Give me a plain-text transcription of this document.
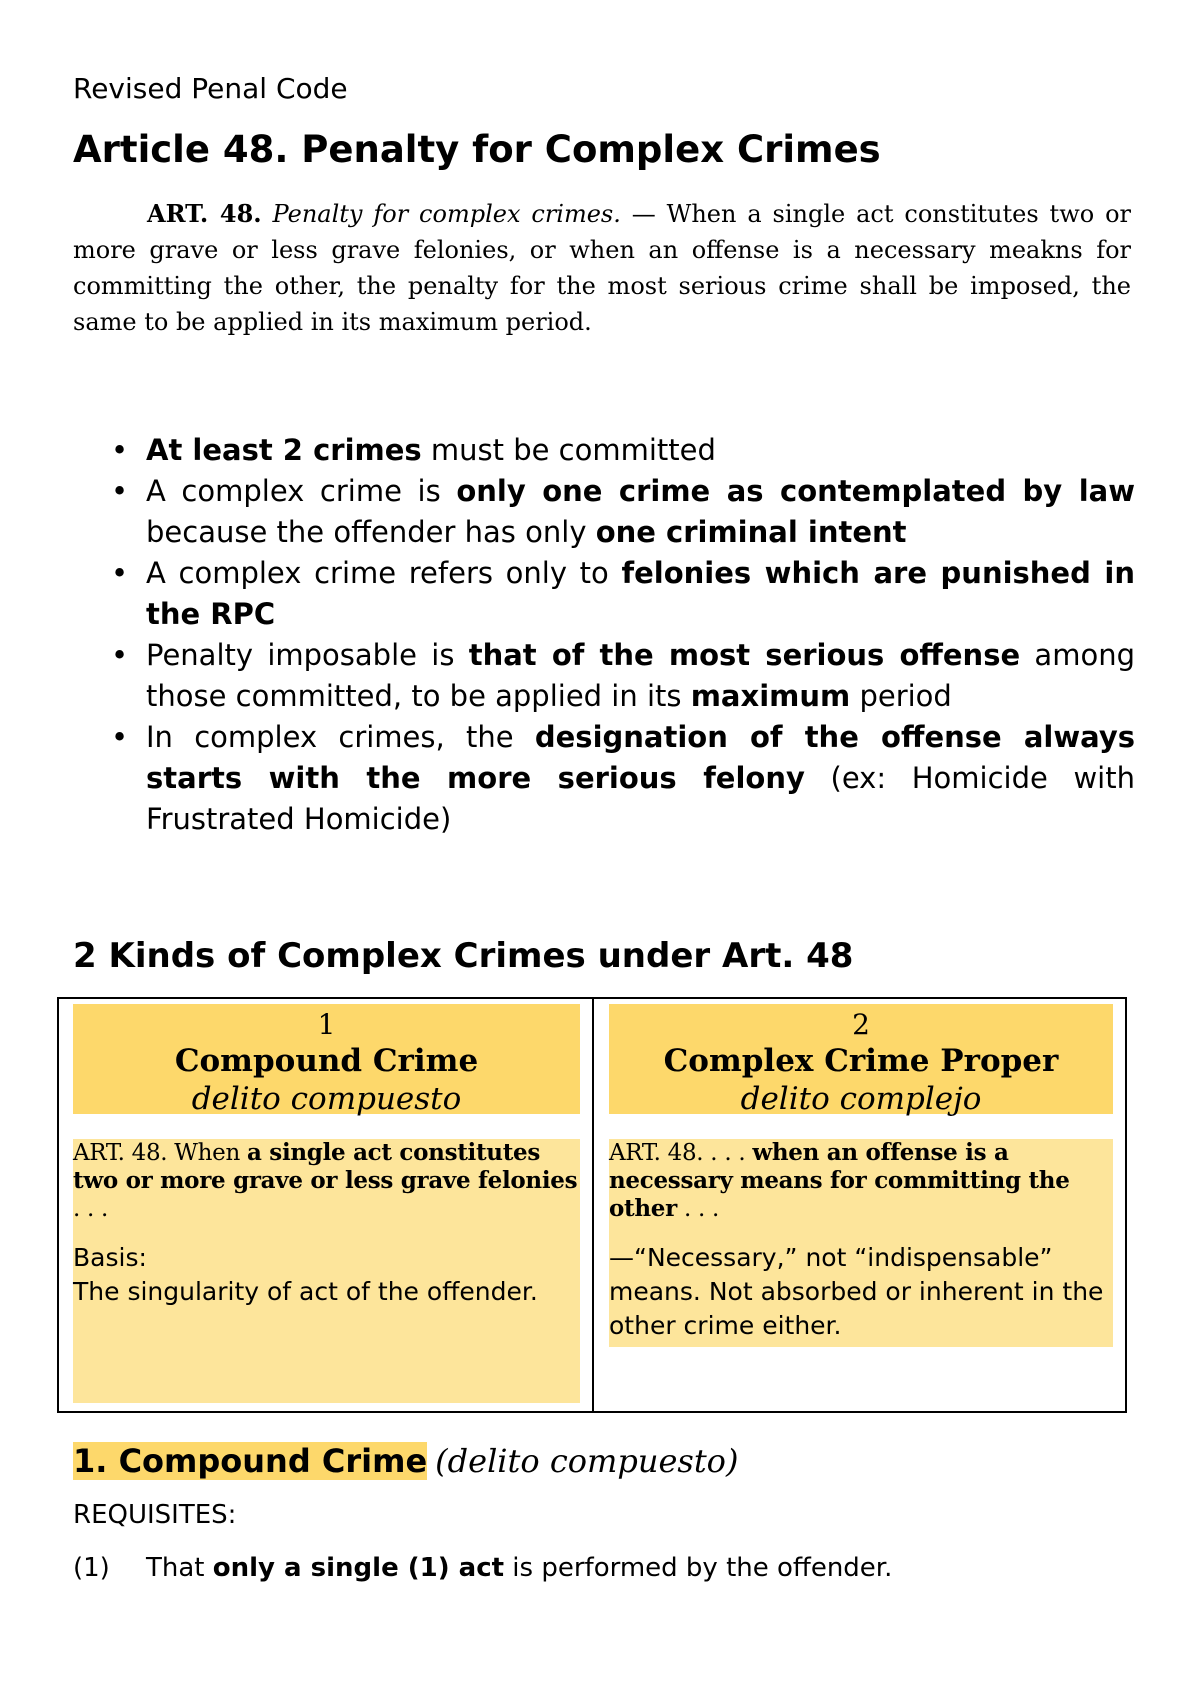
Revised Penal Code
Article 48. Penalty for Complex Crimes

ART. 48. Penalty for complex crimes. — When a single act constitutes two or more grave or less grave felonies, or when an offense is a necessary meakns for committing the other, the penalty for the most serious crime shall be imposed, the same to be applied in its maximum period.

• At least 2 crimes must be committed
• A complex crime is only one crime as contemplated by law because the offender has only one criminal intent
• A complex crime refers only to felonies which are punished in the RPC
• Penalty imposable is that of the most serious offense among those committed, to be applied in its maximum period
• In complex crimes, the designation of the offense always starts with the more serious felony (ex: Homicide with Frustrated Homicide)
2 Kinds of Complex Crimes under Art. 48
1
Compound Crime
delito compuesto

ART. 48. When a single act constitutes two or more grave or less grave felonies . . .

Basis:
The singularity of act of the offender.

2
Complex Crime Proper
delito complejo

ART. 48. . . . when an offense is a necessary means for committing the other . . .

—“Necessary,” not “indispensable” means. Not absorbed or inherent in the other crime either.

1. Compound Crime (delito compuesto)
REQUISITES:
(1) That only a single (1) act is performed by the offender.
